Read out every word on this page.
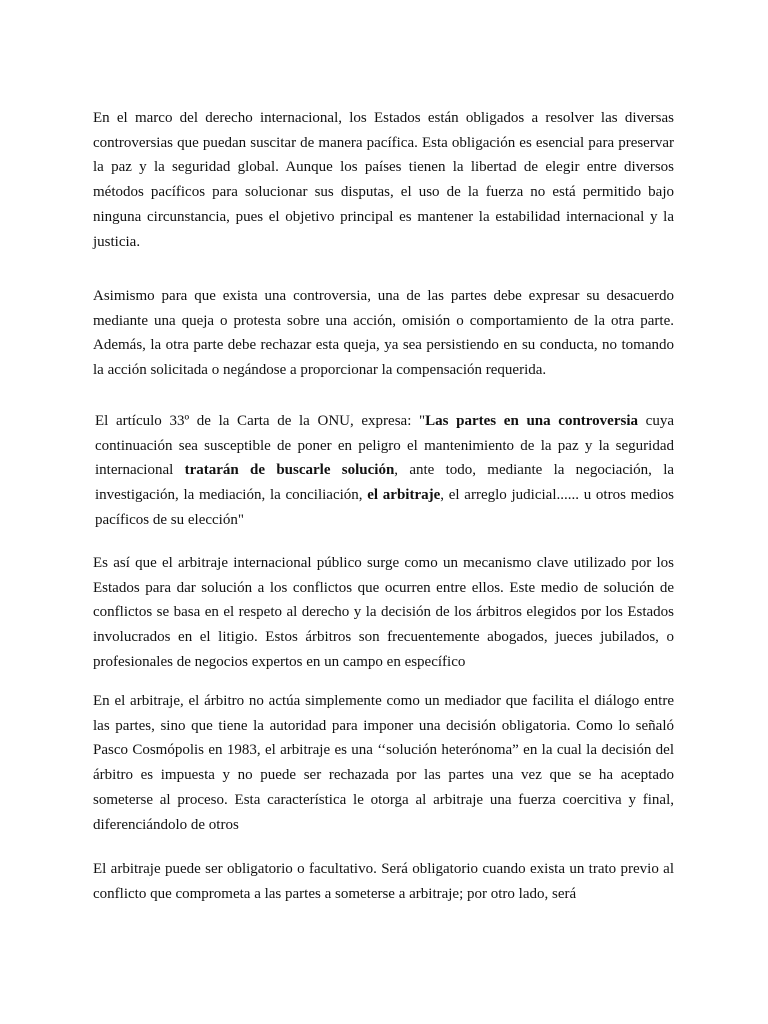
En el marco del derecho internacional, los Estados están obligados a resolver las diversas controversias que puedan suscitar de manera pacífica. Esta obligación es esencial para preservar la paz y la seguridad global. Aunque los países tienen la libertad de elegir entre diversos métodos pacíficos para solucionar sus disputas, el uso de la fuerza no está permitido bajo ninguna circunstancia, pues el objetivo principal es mantener la estabilidad internacional y la justicia.

Asimismo para que exista una controversia, una de las partes debe expresar su desacuerdo mediante una queja o protesta sobre una acción, omisión o comportamiento de la otra parte. Además, la otra parte debe rechazar esta queja, ya sea persistiendo en su conducta, no tomando la acción solicitada o negándose a proporcionar la compensación requerida.

El artículo 33º de la Carta de la ONU, expresa: "Las partes en una controversia cuya continuación sea susceptible de poner en peligro el mantenimiento de la paz y la seguridad internacional tratarán de buscarle solución, ante todo, mediante la negociación, la investigación, la mediación, la conciliación, el arbitraje, el arreglo judicial...... u otros medios pacíficos de su elección"

Es así que el arbitraje internacional público surge como un mecanismo clave utilizado por los Estados para dar solución a los conflictos que ocurren entre ellos. Este medio de solución de conflictos se basa en el respeto al derecho y la decisión de los árbitros elegidos por los Estados involucrados en el litigio. Estos árbitros son frecuentemente abogados, jueces jubilados, o profesionales de negocios expertos en un campo en específico

En el arbitraje, el árbitro no actúa simplemente como un mediador que facilita el diálogo entre las partes, sino que tiene la autoridad para imponer una decisión obligatoria. Como lo señaló Pasco Cosmópolis en 1983, el arbitraje es una ‘‘solución heterónoma” en la cual la decisión del árbitro es impuesta y no puede ser rechazada por las partes una vez que se ha aceptado someterse al proceso. Esta característica le otorga al arbitraje una fuerza coercitiva y final, diferenciándolo de otros

El arbitraje puede ser obligatorio o facultativo. Será obligatorio cuando exista un trato previo al conflicto que comprometa a las partes a someterse a arbitraje; por otro lado, será
